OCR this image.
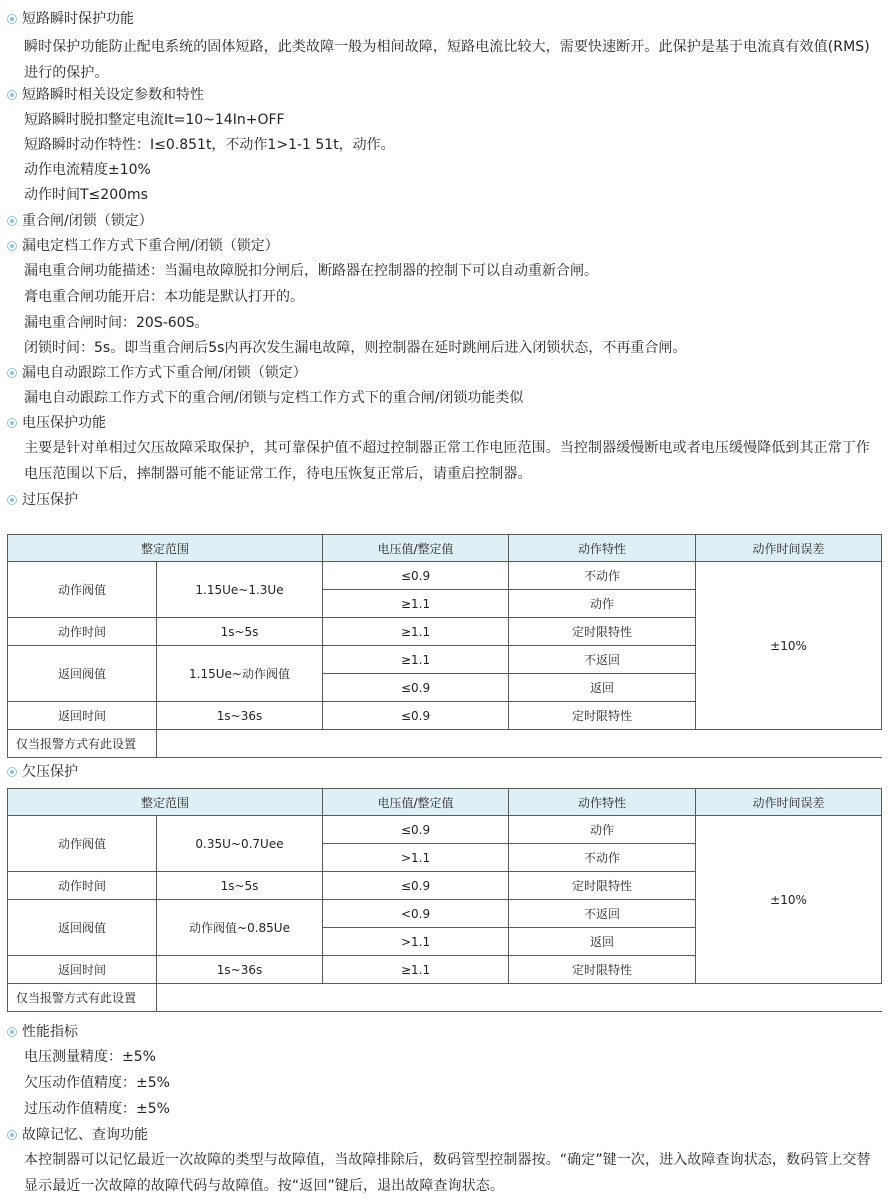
短路瞬时保护功能
瞬时保护功能防止配电系统的固体短路，此类故障一般为相间故障，短路电流比较大，需要快速断开。此保护是基于电流真有效值(RMS)进行的保护。
短路瞬时相关设定参数和特性
短路瞬时脱扣整定电流It=10~14In+OFF
短路瞬时动作特性：I≤0.851t，不动作1>1-1 51t，动作。
动作电流精度±10%
动作时间T≤200ms
重合闸/闭锁（锁定）
漏电定档工作方式下重合闸/闭锁（锁定）
漏电重合闸功能描述：当漏电故障脱扣分闸后，断路器在控制器的控制下可以自动重新合闸。
膏电重合闸功能开启：本功能是默认打开的。
漏电重合闸时间：20S-60S。
闭锁时间：5s。即当重合闸后5s内再次发生漏电故障，则控制器在延时跳闸后进入闭锁状态，不再重合闸。
漏电自动跟踪工作方式下重合闸/闭锁（锁定）
漏电自动跟踪工作方式下的重合闸/闭锁与定档工作方式下的重合闸/闭锁功能类似
电压保护功能
主要是针对单相过欠压故障采取保护，其可靠保护值不超过控制器正常工作电匝范围。当控制器缓慢断电或者电压缓慢降低到其正常丁作电压范围以下后，摔制器可能不能证常工作，待电压恢复正常后，请重启控制器。
过压保护
整定范围		电压值/整定值	动作特性	动作时间误差
动作阀值	1.15Ue~1.3Ue	≤0.9	不动作	±10%
		≥1.1	动作	
动作时间	1s~5s	≥1.1	定时限特性	
返回阀值	1.15Ue~动作阀值	≥1.1	不返回	
		≤0.9	返回	
返回时间	1s~36s	≤0.9	定时限特性	
仅当报警方式有此设置				
欠压保护
整定范围		电压值/整定值	动作特性	动作时间误差
动作阀值	0.35U~0.7Uee	≤0.9	动作	±10%
		>1.1	不动作	
动作时间	1s~5s	≤0.9	定时限特性	
返回阀值	动作阀值~0.85Ue	<0.9	不返回	
		>1.1	返回	
返回时间	1s~36s	≥1.1	定时限特性	
仅当报警方式有此设置				
性能指标
电压测量精度：±5%
欠压动作值精度：±5%
过压动作值精度：±5%
故障记忆、查询功能
本控制器可以记忆最近一次故障的类型与故障值，当故障排除后，数码管型控制器按。“确定”键一次，进入故障查询状态，数码管上交替显示最近一次故障的故障代码与故障值。按“返回”键后，退出故障查询状态。
